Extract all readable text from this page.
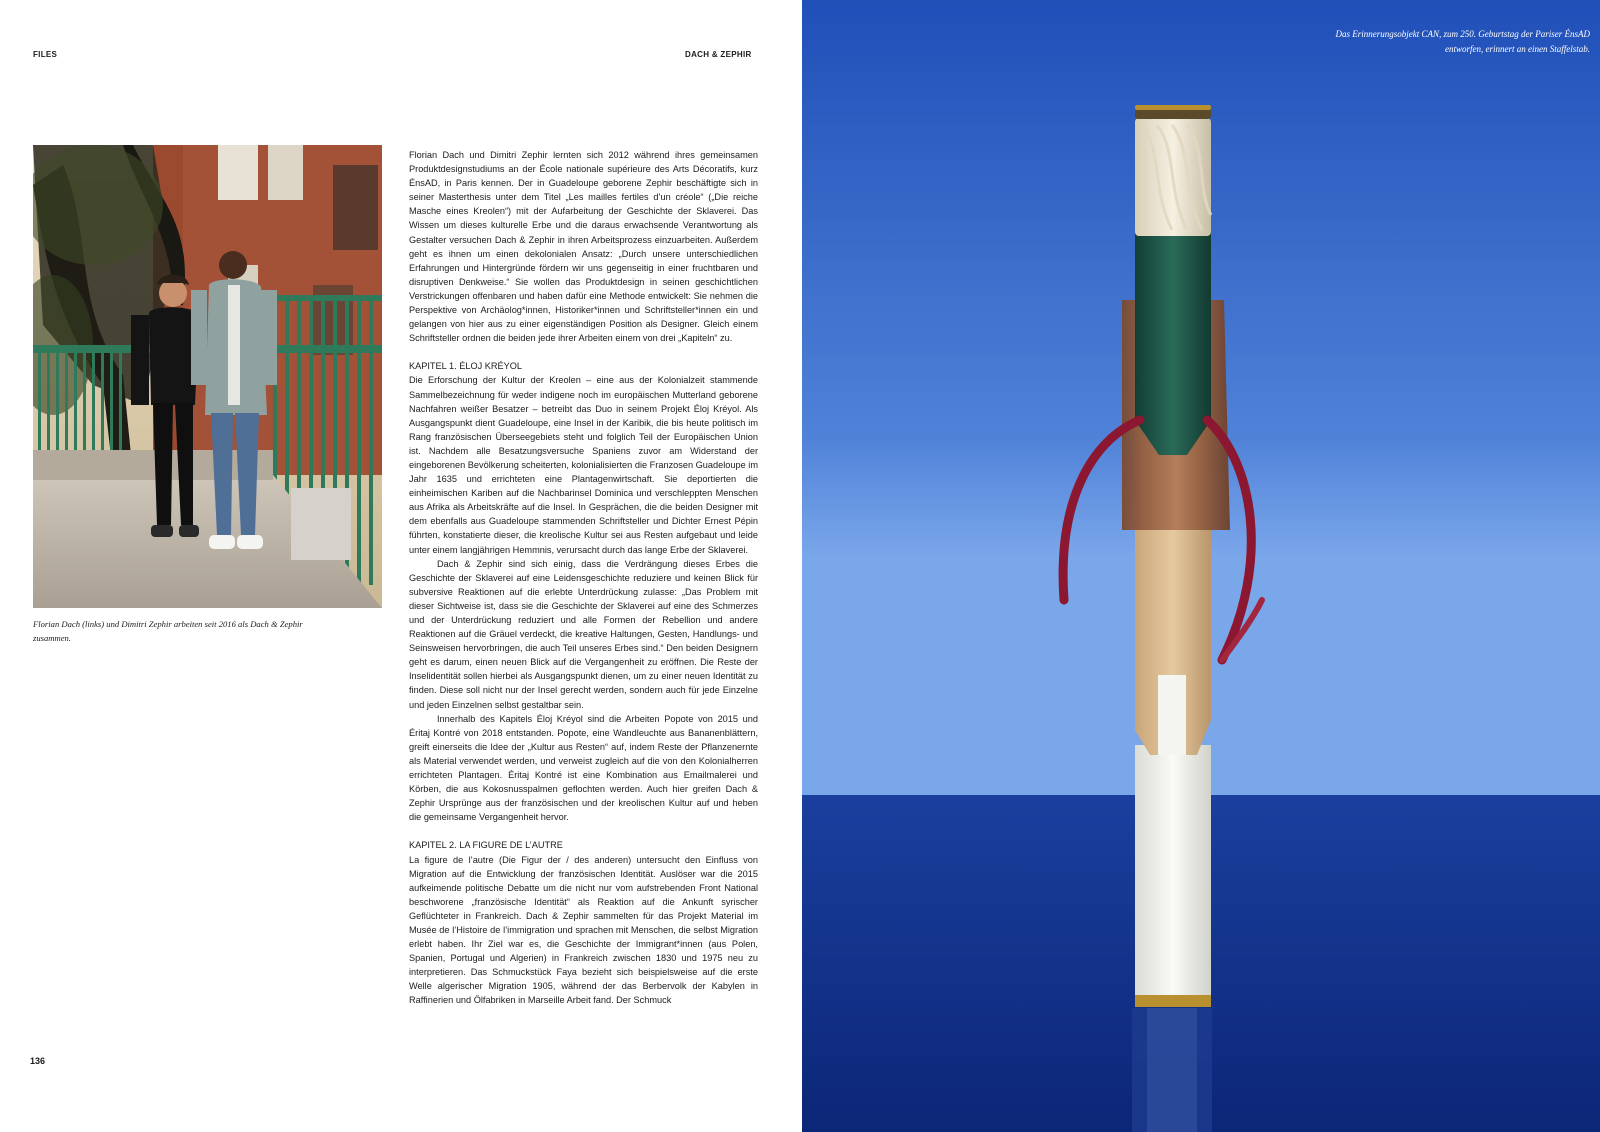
FILES	DACH & ZEPHIR
Florian Dach (links) und Dimitri Zephir arbeiten seit 2016 als Dach & Zephir zusammen.

Florian Dach und Dimitri Zephir lernten sich 2012 während ihres gemeinsamen Produktdesignstudiums an der École nationale supérieure des Arts Décoratifs, kurz ÉnsAD, in Paris kennen. Der in Guadeloupe geborene Zephir beschäftigte sich in seiner Masterthesis unter dem Titel „Les mailles fertiles d’un créole“ („Die reiche Masche eines Kreolen“) mit der Aufarbeitung der Geschichte der Sklaverei. Das Wissen um dieses kulturelle Erbe und die daraus erwachsende Verantwortung als Gestalter versuchen Dach & Zephir in ihren Arbeitsprozess einzuarbeiten. Außerdem geht es ihnen um einen dekolonialen Ansatz: „Durch unsere unterschiedlichen Erfahrungen und Hintergründe fördern wir uns gegenseitig in einer fruchtbaren und disruptiven Denkweise.“ Sie wollen das Produktdesign in seinen geschichtlichen Verstrickungen offenbaren und haben dafür eine Methode entwickelt: Sie nehmen die Perspektive von Archäolog*innen, Historiker*innen und Schriftsteller*innen ein und gelangen von hier aus zu einer eigenständigen Position als Designer. Gleich einem Schriftsteller ordnen die beiden jede ihrer Arbeiten einem von drei „Kapiteln“ zu.

KAPITEL 1. ÉLOJ KRÉYOL

Die Erforschung der Kultur der Kreolen – eine aus der Kolonialzeit stammende Sammelbezeichnung für weder indigene noch im europäischen Mutterland geborene Nachfahren weißer Besatzer – betreibt das Duo in seinem Projekt Éloj Kréyol. Als Ausgangspunkt dient Guadeloupe, eine Insel in der Karibik, die bis heute politisch im Rang französischen Überseegebiets steht und folglich Teil der Europäischen Union ist. Nachdem alle Besatzungsversuche Spaniens zuvor am Widerstand der eingeborenen Bevölkerung scheiterten, kolonialisierten die Franzosen Guadeloupe im Jahr 1635 und errichteten eine Plantagenwirtschaft. Sie deportierten die einheimischen Kariben auf die Nachbarinsel Dominica und verschleppten Menschen aus Afrika als Arbeitskräfte auf die Insel. In Gesprächen, die die beiden Designer mit dem ebenfalls aus Guadeloupe stammenden Schriftsteller und Dichter Ernest Pépin führten, konstatierte dieser, die kreolische Kultur sei aus Resten aufgebaut und leide unter einem langjährigen Hemmnis, verursacht durch das lange Erbe der Sklaverei.

Dach & Zephir sind sich einig, dass die Verdrängung dieses Erbes die Geschichte der Sklaverei auf eine Leidensgeschichte reduziere und keinen Blick für subversive Reaktionen auf die erlebte Unterdrückung zulasse: „Das Problem mit dieser Sichtweise ist, dass sie die Geschichte der Sklaverei auf eine des Schmerzes und der Unterdrückung reduziert und alle Formen der Rebellion und andere Reaktionen auf die Gräuel verdeckt, die kreative Haltungen, Gesten, Handlungs- und Seinsweisen hervorbringen, die auch Teil unseres Erbes sind.“ Den beiden Designern geht es darum, einen neuen Blick auf die Vergangenheit zu eröffnen. Die Reste der Inselidentität sollen hierbei als Ausgangspunkt dienen, um zu einer neuen Identität zu finden. Diese soll nicht nur der Insel gerecht werden, sondern auch für jede Einzelne und jeden Einzelnen selbst gestaltbar sein.

Innerhalb des Kapitels Éloj Kréyol sind die Arbeiten Popote von 2015 und Éritaj Kontré von 2018 entstanden. Popote, eine Wandleuchte aus Bananenblättern, greift einerseits die Idee der „Kultur aus Resten“ auf, indem Reste der Pflanzenernte als Material verwendet werden, und verweist zugleich auf die von den Kolonialherren errichteten Plantagen. Éritaj Kontré ist eine Kombination aus Emailmalerei und Körben, die aus Kokosnusspalmen geflochten werden. Auch hier greifen Dach & Zephir Ursprünge aus der französischen und der kreolischen Kultur auf und heben die gemeinsame Vergangenheit hervor.

KAPITEL 2. LA FIGURE DE L’AUTRE

La figure de l’autre (Die Figur der / des anderen) untersucht den Einfluss von Migration auf die Entwicklung der französischen Identität. Auslöser war die 2015 aufkeimende politische Debatte um die nicht nur vom aufstrebenden Front National beschworene „französische Identität“ als Reaktion auf die Ankunft syrischer Geflüchteter in Frankreich. Dach & Zephir sammelten für das Projekt Material im Musée de l’Histoire de l’immigration und sprachen mit Menschen, die selbst Migration erlebt haben. Ihr Ziel war es, die Geschichte der Immigrant*innen (aus Polen, Spanien, Portugal und Algerien) in Frankreich zwischen 1830 und 1975 neu zu interpretieren. Das Schmuckstück Faya bezieht sich beispielsweise auf die erste Welle algerischer Migration 1905, während der das Berbervolk der Kabylen in Raffinerien und Ölfabriken in Marseille Arbeit fand. Der Schmuck

136
Das Erinnerungsobjekt CAN, zum 250. Geburtstag der Pariser ÉnsAD entworfen, erinnert an einen Staffelstab.
